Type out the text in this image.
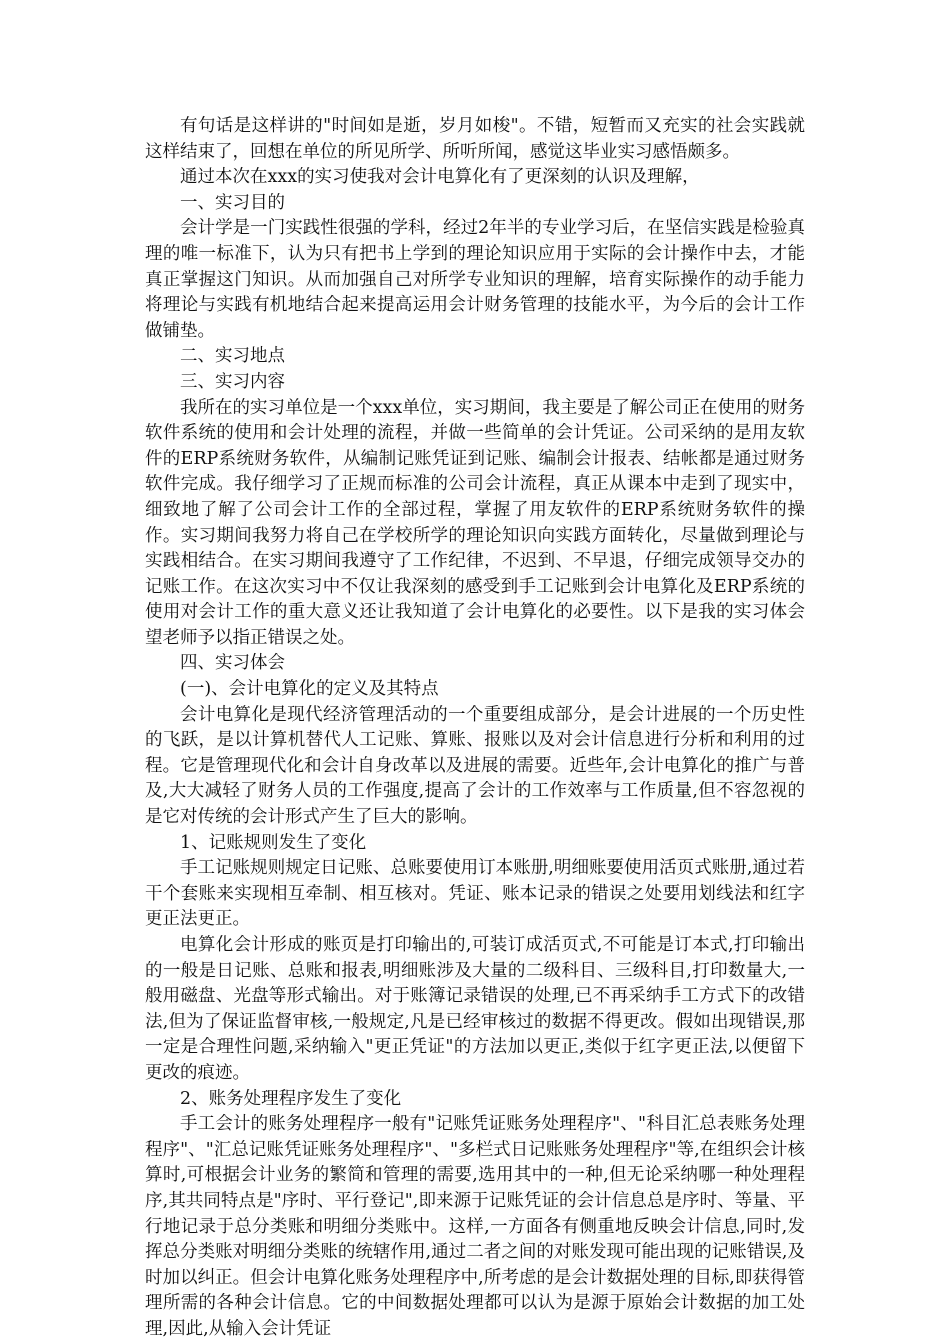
有句话是这样讲的"时间如是逝，岁月如梭"。不错，短暂而又充实的社会实践就这样结束了，回想在单位的所见所学、所听所闻，感觉这毕业实习感悟颇多。

通过本次在xxx的实习使我对会计电算化有了更深刻的认识及理解，

一、实习目的

会计学是一门实践性很强的学科，经过2年半的专业学习后，在坚信实践是检验真理的唯一标准下，认为只有把书上学到的理论知识应用于实际的会计操作中去，才能真正掌握这门知识。从而加强自己对所学专业知识的理解，培育实际操作的动手能力将理论与实践有机地结合起来提高运用会计财务管理的技能水平，为今后的会计工作做铺垫。

二、实习地点

三、实习内容

我所在的实习单位是一个xxx单位，实习期间，我主要是了解公司正在使用的财务软件系统的使用和会计处理的流程，并做一些简单的会计凭证。公司采纳的是用友软件的ERP系统财务软件，从编制记账凭证到记账、编制会计报表、结帐都是通过财务软件完成。我仔细学习了正规而标准的公司会计流程，真正从课本中走到了现实中，细致地了解了公司会计工作的全部过程，掌握了用友软件的ERP系统财务软件的操作。实习期间我努力将自己在学校所学的理论知识向实践方面转化，尽量做到理论与实践相结合。在实习期间我遵守了工作纪律，不迟到、不早退，仔细完成领导交办的记账工作。在这次实习中不仅让我深刻的感受到手工记账到会计电算化及ERP系统的使用对会计工作的重大意义还让我知道了会计电算化的必要性。以下是我的实习体会望老师予以指正错误之处。

四、实习体会

(一)、会计电算化的定义及其特点

会计电算化是现代经济管理活动的一个重要组成部分，是会计进展的一个历史性的飞跃，是以计算机替代人工记账、算账、报账以及对会计信息进行分析和利用的过程。它是管理现代化和会计自身改革以及进展的需要。近些年,会计电算化的推广与普及,大大减轻了财务人员的工作强度,提高了会计的工作效率与工作质量,但不容忽视的是它对传统的会计形式产生了巨大的影响。

1、记账规则发生了变化

手工记账规则规定日记账、总账要使用订本账册,明细账要使用活页式账册,通过若干个套账来实现相互牵制、相互核对。凭证、账本记录的错误之处要用划线法和红字更正法更正。

电算化会计形成的账页是打印输出的,可装订成活页式,不可能是订本式,打印输出的一般是日记账、总账和报表,明细账涉及大量的二级科目、三级科目,打印数量大,一般用磁盘、光盘等形式输出。对于账簿记录错误的处理,已不再采纳手工方式下的改错法,但为了保证监督审核,一般规定,凡是已经审核过的数据不得更改。假如出现错误,那一定是合理性问题,采纳输入"更正凭证"的方法加以更正,类似于红字更正法,以便留下更改的痕迹。

2、账务处理程序发生了变化

手工会计的账务处理程序一般有"记账凭证账务处理程序"、"科目汇总表账务处理程序"、"汇总记账凭证账务处理程序"、"多栏式日记账账务处理程序"等,在组织会计核算时,可根据会计业务的繁简和管理的需要,选用其中的一种,但无论采纳哪一种处理程序,其共同特点是"序时、平行登记",即来源于记账凭证的会计信息总是序时、等量、平行地记录于总分类账和明细分类账中。这样,一方面各有侧重地反映会计信息,同时,发挥总分类账对明细分类账的统辖作用,通过二者之间的对账发现可能出现的记账错误,及时加以纠正。但会计电算化账务处理程序中,所考虑的是会计数据处理的目标,即获得管理所需的各种会计信息。它的中间数据处理都可以认为是源于原始会计数据的加工处理,因此,从输入会计凭证
